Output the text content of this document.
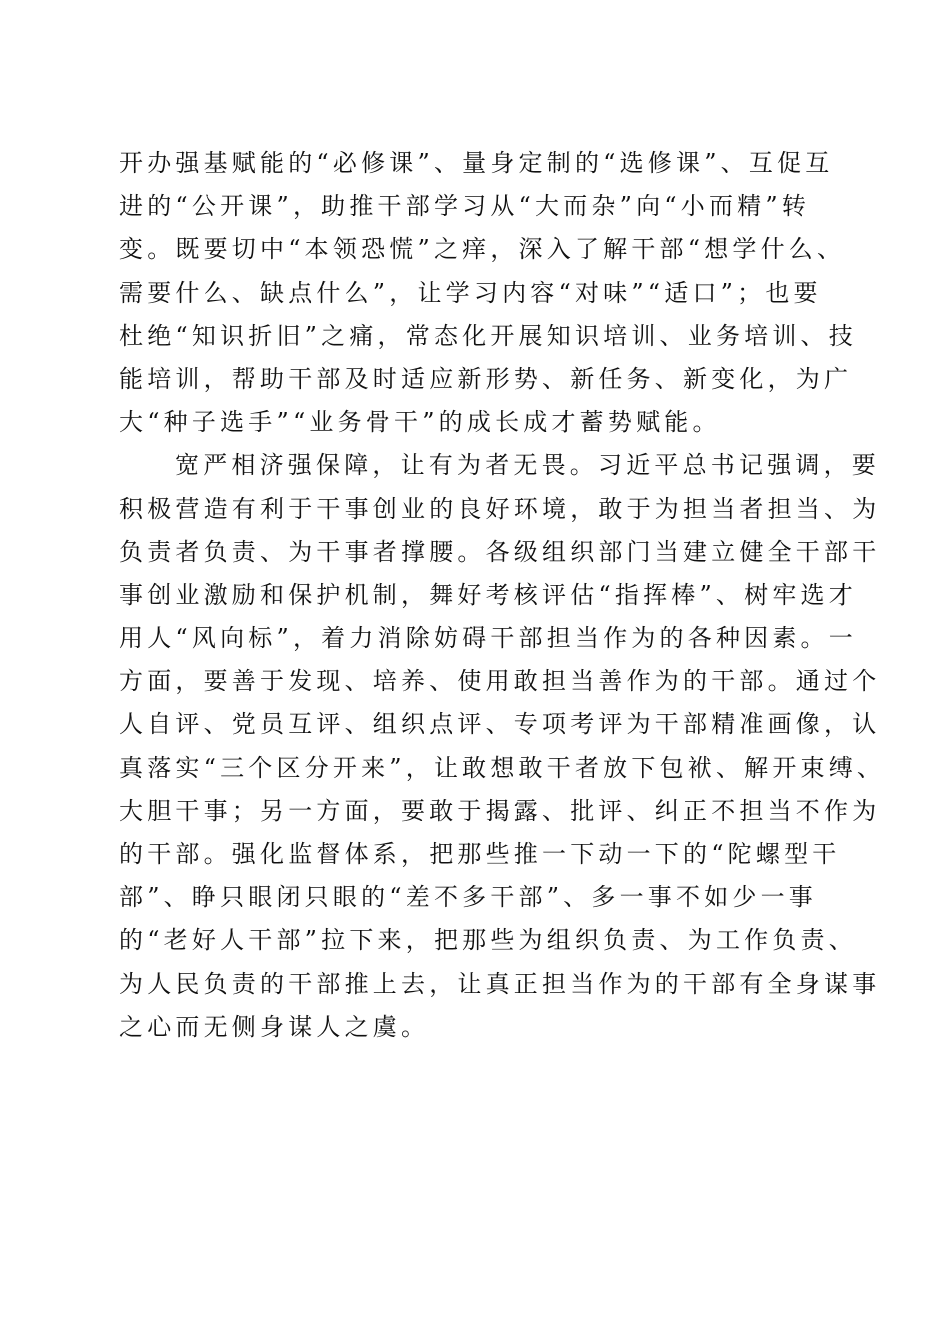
开办强基赋能的“必修课”、量身定制的“选修课”、互促互

进的“公开课”，助推干部学习从“大而杂”向“小而精”转

变。既要切中“本领恐慌”之痒，深入了解干部“想学什么、

需要什么、缺点什么”，让学习内容“对味”“适口”；也要

杜绝“知识折旧”之痛，常态化开展知识培训、业务培训、技

能培训，帮助干部及时适应新形势、新任务、新变化，为广

大“种子选手”“业务骨干”的成长成才蓄势赋能。

宽严相济强保障，让有为者无畏。习近平总书记强调，要

积极营造有利于干事创业的良好环境，敢于为担当者担当、为

负责者负责、为干事者撑腰。各级组织部门当建立健全干部干

事创业激励和保护机制，舞好考核评估“指挥棒”、树牢选才

用人“风向标”，着力消除妨碍干部担当作为的各种因素。一

方面，要善于发现、培养、使用敢担当善作为的干部。通过个

人自评、党员互评、组织点评、专项考评为干部精准画像，认

真落实“三个区分开来”，让敢想敢干者放下包袱、解开束缚、

大胆干事；另一方面，要敢于揭露、批评、纠正不担当不作为

的干部。强化监督体系，把那些推一下动一下的“陀螺型干

部”、睁只眼闭只眼的“差不多干部”、多一事不如少一事

的“老好人干部”拉下来，把那些为组织负责、为工作负责、

为人民负责的干部推上去，让真正担当作为的干部有全身谋事

之心而无侧身谋人之虞。
